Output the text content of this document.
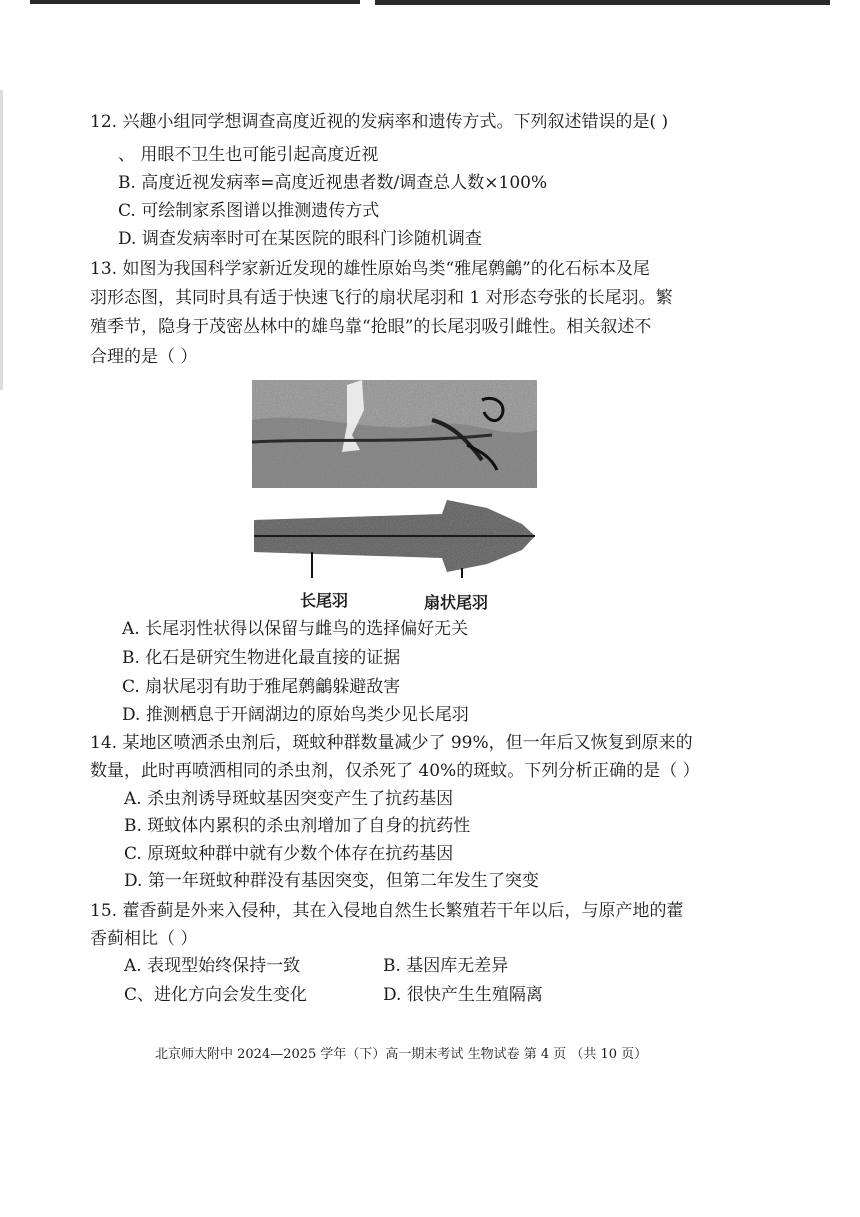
12. 兴趣小组同学想调查高度近视的发病率和遗传方式。下列叙述错误的是( )
、 用眼不卫生也可能引起高度近视
B. 高度近视发病率=高度近视患者数/调查总人数×100%
C. 可绘制家系图谱以推测遗传方式
D. 调查发病率时可在某医院的眼科门诊随机调查
13. 如图为我国科学家新近发现的雄性原始鸟类“雅尾鹩鸙”的化石标本及尾
羽形态图，其同时具有适于快速飞行的扇状尾羽和 1 对形态夸张的长尾羽。繁
殖季节，隐身于茂密丛林中的雄鸟靠“抢眼”的长尾羽吸引雌性。相关叙述不
合理的是（ ）
长尾羽	扇状尾羽
A. 长尾羽性状得以保留与雌鸟的选择偏好无关
B. 化石是研究生物进化最直接的证据
C. 扇状尾羽有助于雅尾鹩鸙躲避敌害
D. 推测栖息于开阔湖边的原始鸟类少见长尾羽
14. 某地区喷洒杀虫剂后，斑蚊种群数量减少了 99%，但一年后又恢复到原来的
数量，此时再喷洒相同的杀虫剂，仅杀死了 40%的斑蚊。下列分析正确的是（ ）
A. 杀虫剂诱导斑蚊基因突变产生了抗药基因
B. 斑蚊体内累积的杀虫剂增加了自身的抗药性
C. 原斑蚊种群中就有少数个体存在抗药基因
D. 第一年斑蚊种群没有基因突变，但第二年发生了突变
15. 藿香蓟是外来入侵种，其在入侵地自然生长繁殖若干年以后，与原产地的藿
香蓟相比（ ）
A. 表现型始终保持一致	B. 基因库无差异
C、进化方向会发生变化	D. 很快产生生殖隔离
北京师大附中 2024—2025 学年（下）高一期末考试 生物试卷 第 4 页 （共 10 页）
